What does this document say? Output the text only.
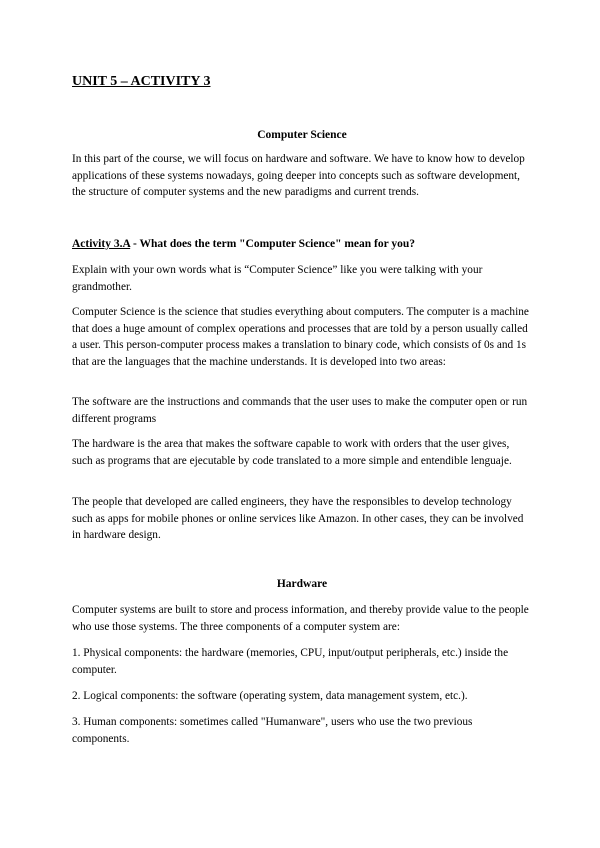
UNIT 5 – ACTIVITY 3
Computer Science

In this part of the course, we will focus on hardware and software. We have to know how to develop applications of these systems nowadays, going deeper into concepts such as software development, the structure of computer systems and the new paradigms and current trends.

Activity 3.A - What does the term "Computer Science" mean for you?

Explain with your own words what is “Computer Science” like you were talking with your grandmother.

Computer Science is the science that studies everything about computers. The computer is a machine that does a huge amount of complex operations and processes that are told by a person usually called a user. This person-computer process makes a translation to binary code, which consists of 0s and 1s that are the languages that the machine understands. It is developed into two areas:

The software are the instructions and commands that the user uses to make the computer open or run different programs

The hardware is the area that makes the software capable to work with orders that the user gives, such as programs that are ejecutable by code translated to a more simple and entendible lenguaje.

The people that developed are called engineers, they have the responsibles to develop technology such as apps for mobile phones or online services like Amazon. In other cases, they can be involved in hardware design.

Hardware

Computer systems are built to store and process information, and thereby provide value to the people who use those systems. The three components of a computer system are:

1. Physical components: the hardware (memories, CPU, input/output peripherals, etc.) inside the computer.

2. Logical components: the software (operating system, data management system, etc.).

3. Human components: sometimes called "Humanware", users who use the two previous components.
